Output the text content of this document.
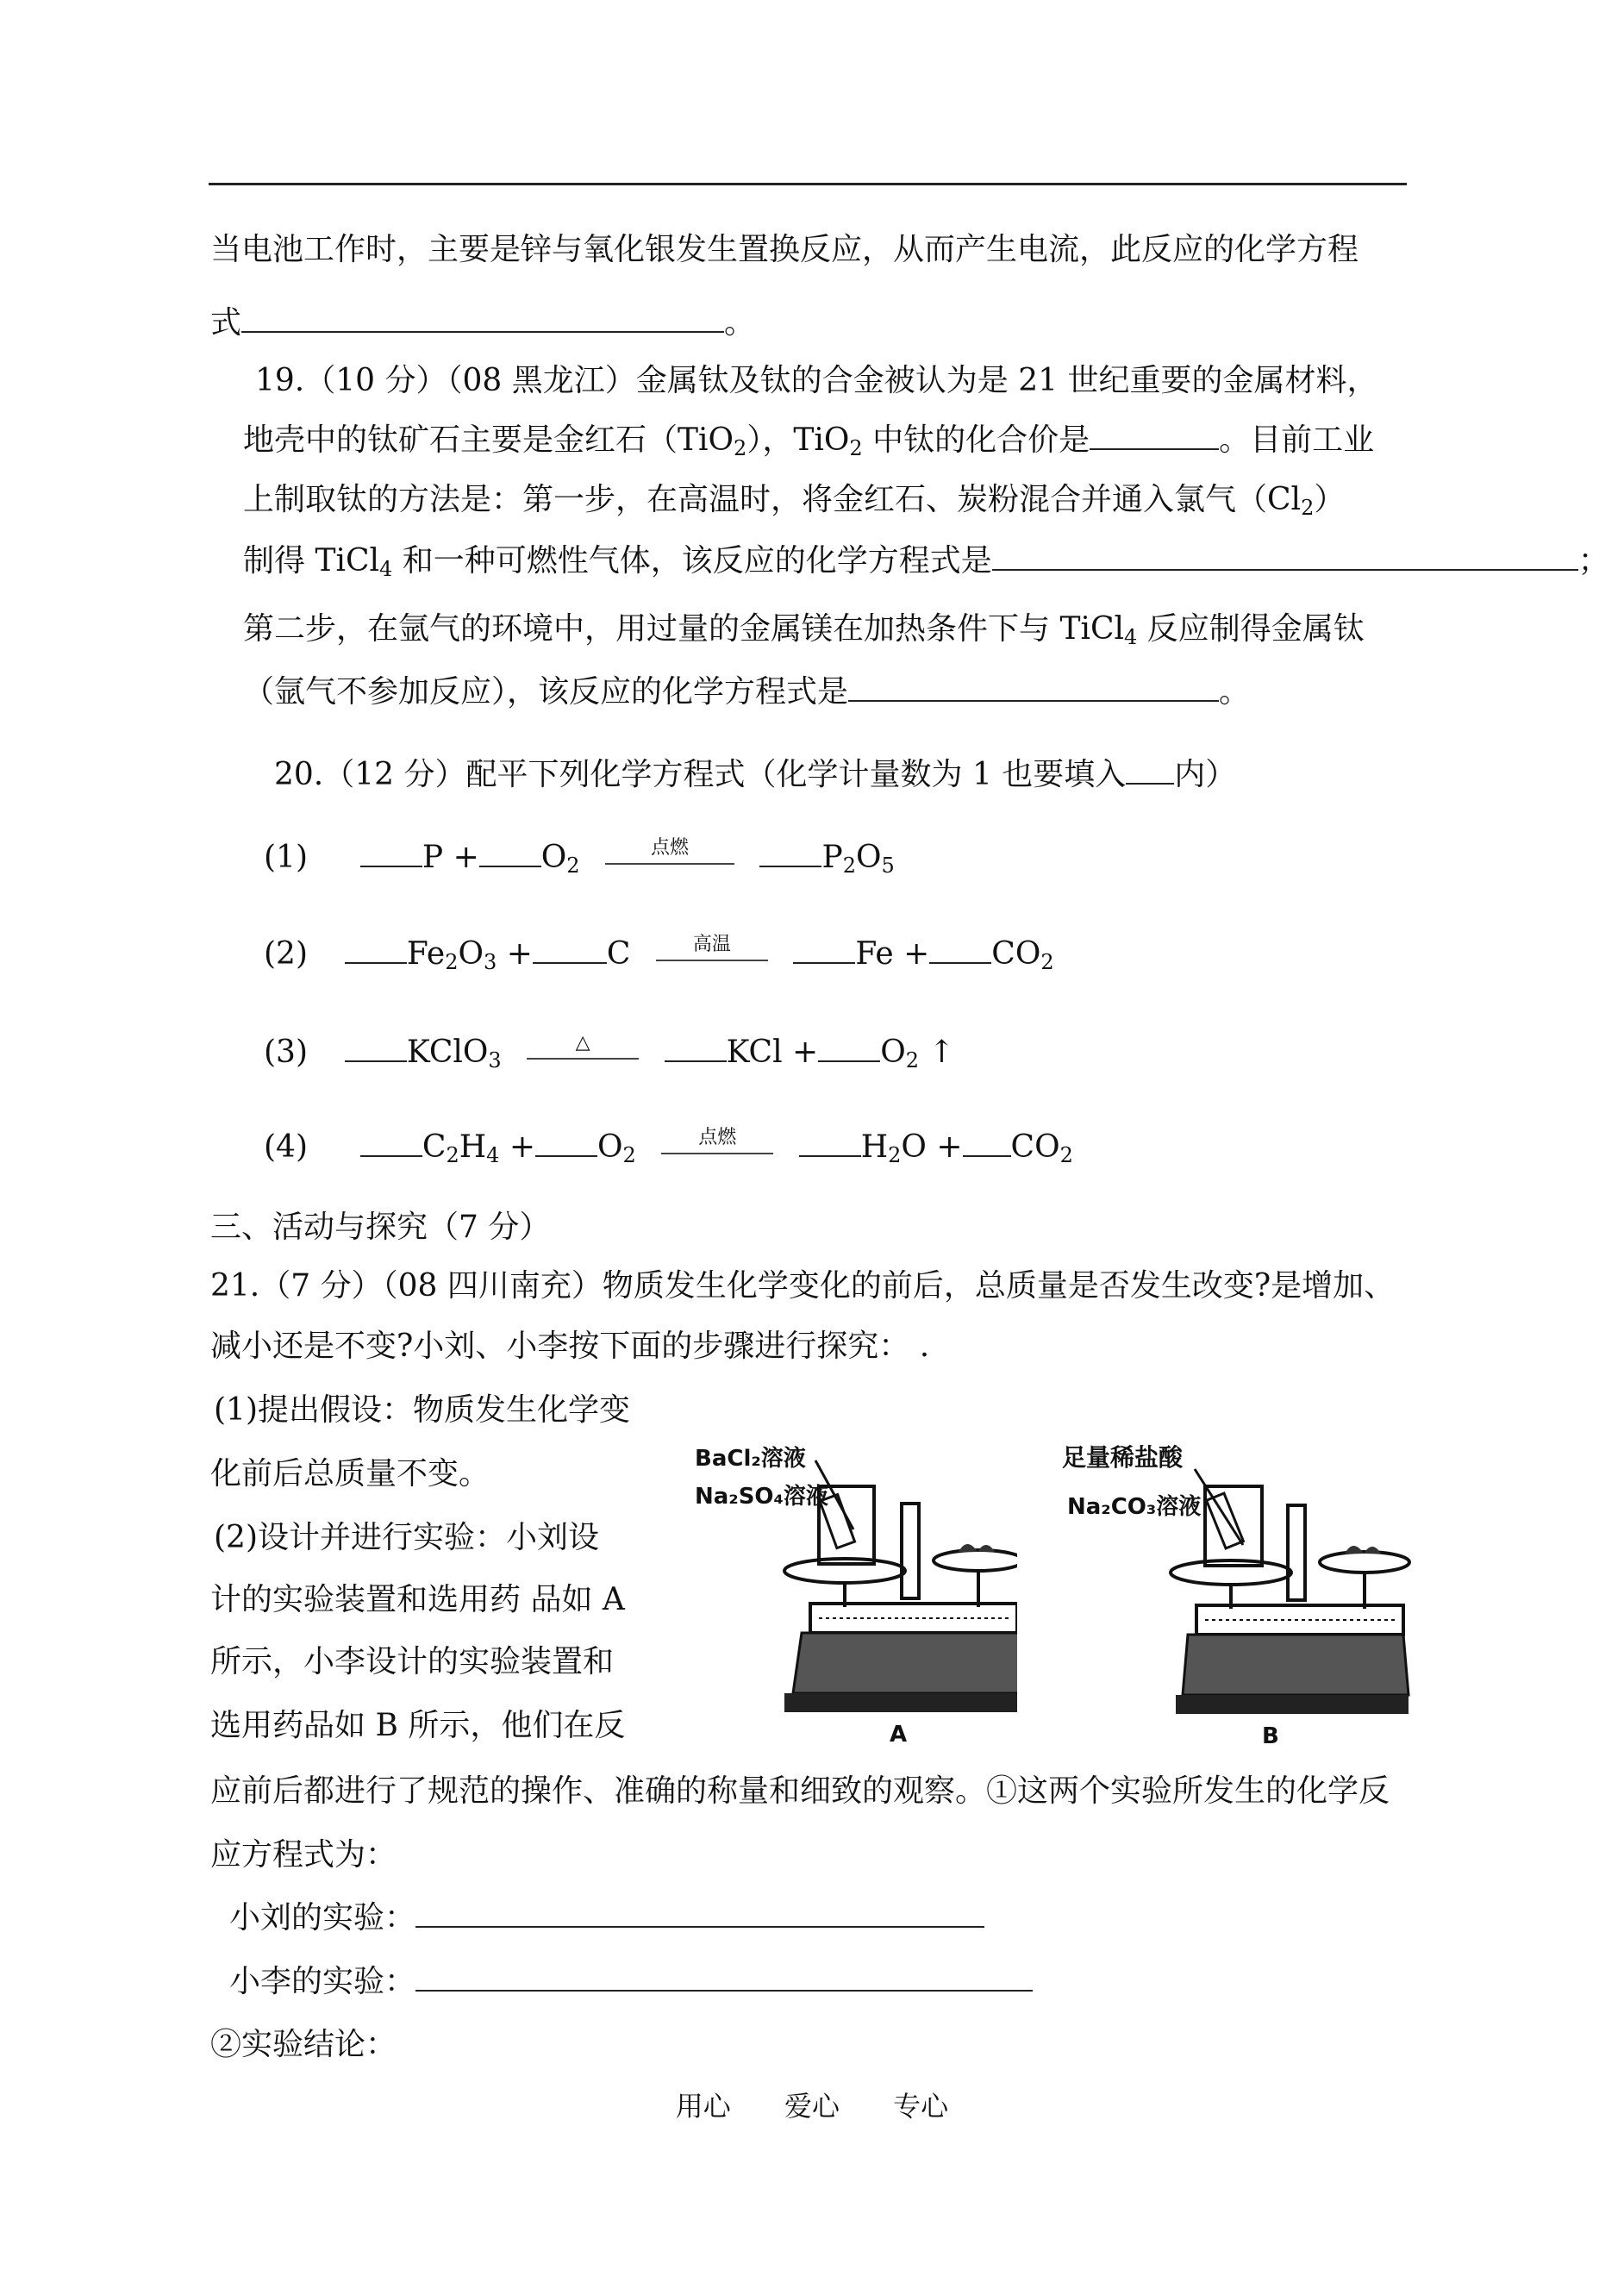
当电池工作时，主要是锌与氧化银发生置换反应，从而产生电流，此反应的化学方程
式	。
19.（10 分）（08 黑龙江）金属钛及钛的合金被认为是 21 世纪重要的金属材料，
地壳中的钛矿石主要是金红石（TiO$_2$），TiO$_2$ 中钛的化合价是	。目前工业
上制取钛的方法是：第一步，在高温时，将金红石、炭粉混合并通入氯气$(Cl_2)$
制得 TiCl$_4$ 和一种可燃性气体，该反应的化学方程式是	；
第二步，在氩气的环境中，用过量的金属镁在加热条件下与 TiCl$_4$ 反应制得金属钛
（氩气不参加反应），该反应的化学方程式是	。
20.（12 分）配平下列化学方程式（化学计量数为 1 也要填入 内）
(1)	$P + O_2$
点燃	$P_2O_5$
(2)	$Fe_2O_3 + C$	高温	$Fe + CO_2$
(3)	KClO$_3$
△	KCl + $O_2$ ↑
(4)	$C_2H_4 + O_2$
点燃	$H_2O + CO_2$
三、活动与探究（7 分）
21.（7 分）（08 四川南充）物质发生化学变化的前后，总质量是否发生改变?是增加、
减小还是不变?小刘、小李按下面的步骤进行探究： .
(1)提出假设：物质发生化学变
化前后总质量不变。
(2)设计并进行实验：小刘设
计的实验装置和选用药 品如 A
所示，小李设计的实验装置和
选用药品如 B 所示，他们在反
应前后都进行了规范的操作、准确的称量和细致的观察。①这两个实验所发生的化学反
应方程式为：
小刘的实验：
小李的实验：
②实验结论：
BaCl₂溶液
Na₂SO₄溶液
A
足量稀盐酸
Na₂CO₃溶液
B
用心 爱心 专心
